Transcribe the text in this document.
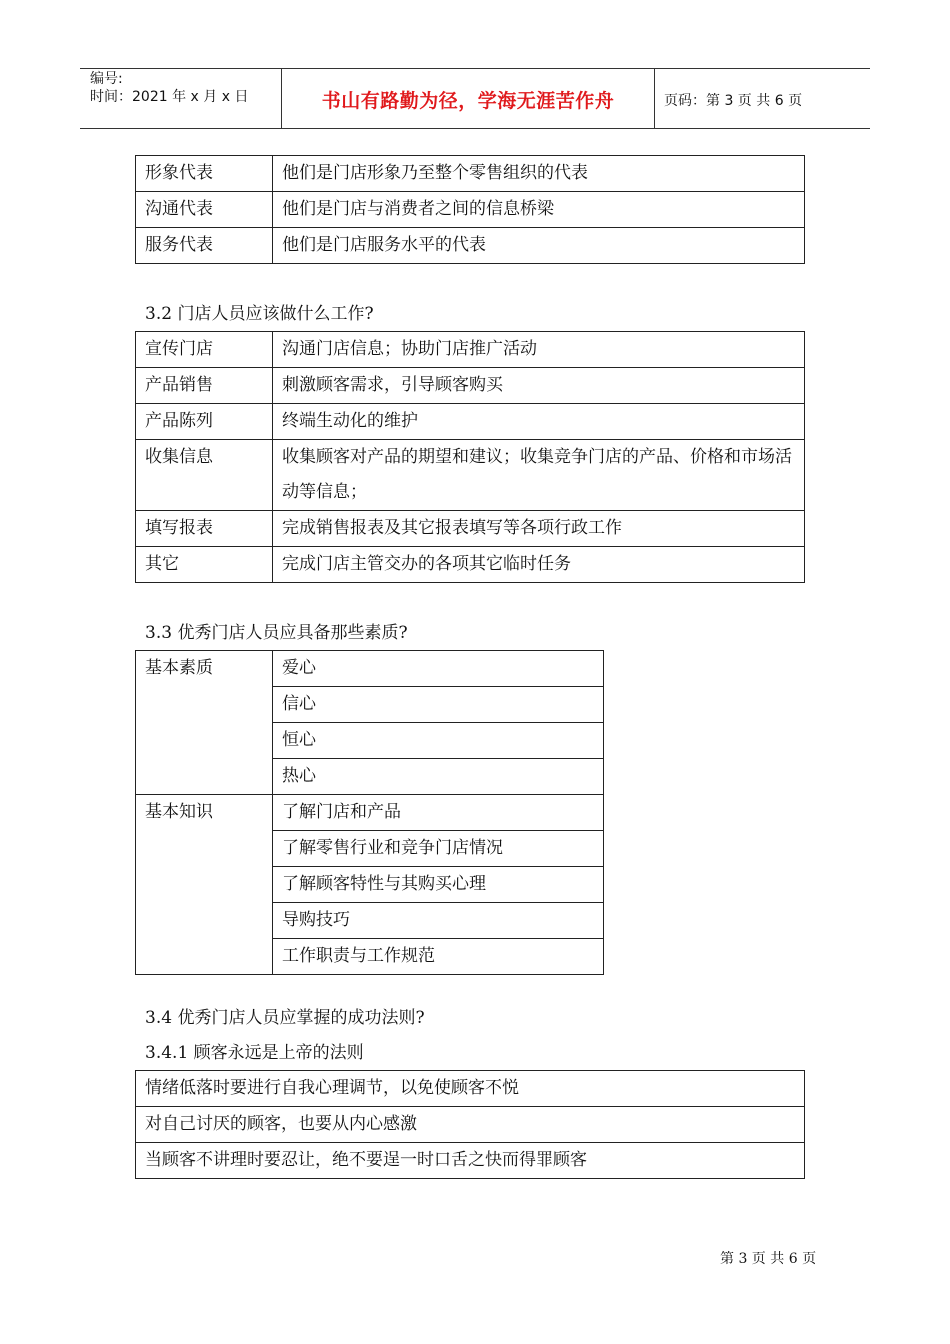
编号:
时间：2021 年 x 月 x 日	书山有路勤为径，学海无涯苦作舟	页码：第 3 页 共 6 页
形象代表	他们是门店形象乃至整个零售组织的代表
沟通代表	他们是门店与消费者之间的信息桥梁
服务代表	他们是门店服务水平的代表
3.2 门店人员应该做什么工作?
宣传门店	沟通门店信息；协助门店推广活动
产品销售	刺激顾客需求，引导顾客购买
产品陈列	终端生动化的维护
收集信息	收集顾客对产品的期望和建议；收集竞争门店的产品、价格和市场活动等信息；
填写报表	完成销售报表及其它报表填写等各项行政工作
其它	完成门店主管交办的各项其它临时任务
3.3 优秀门店人员应具备那些素质?
基本素质	爱心
	信心
	恒心
	热心
基本知识	了解门店和产品
	了解零售行业和竞争门店情况
	了解顾客特性与其购买心理
	导购技巧
	工作职责与工作规范
3.4 优秀门店人员应掌握的成功法则?
3.4.1 顾客永远是上帝的法则
情绪低落时要进行自我心理调节，以免使顾客不悦
对自己讨厌的顾客，也要从内心感激
当顾客不讲理时要忍让，绝不要逞一时口舌之快而得罪顾客
第 3 页 共 6 页
